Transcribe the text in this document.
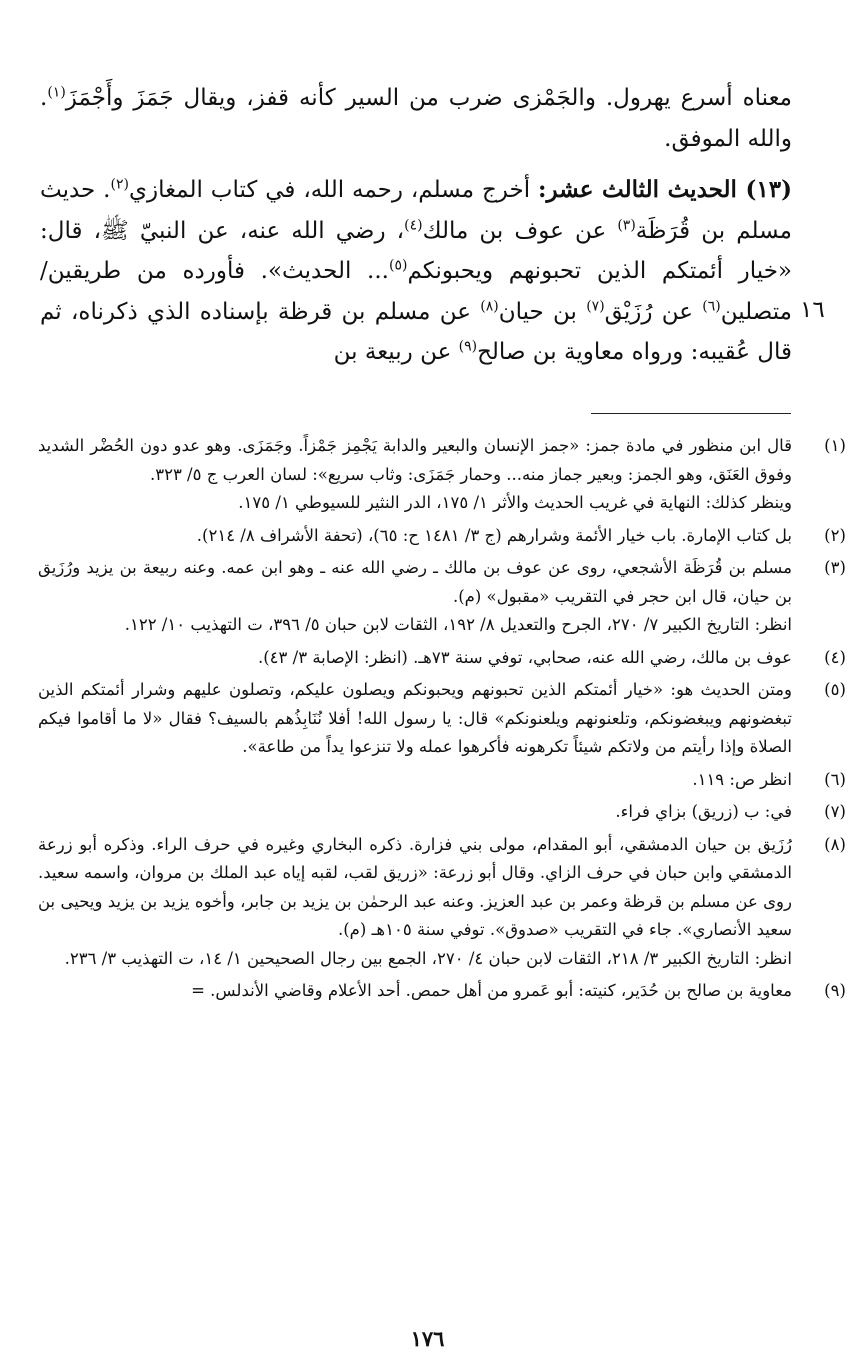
معناه أسرع يهرول. والجَمْزى ضرب من السير كأنه قفز، ويقال جَمَزَ وأَجْمَزَ$^{(١)}$. والله الموفق.

(١٣) الحديث الثالث عشر: أخرج مسلم، رحمه الله، في كتاب المغازي$^{(٢)}$. حديث مسلم بن قُرَظَة$^{(٣)}$ عن عوف بن مالك$^{(٤)}$، رضي الله عنه، عن النبيّ ﷺ، قال: «خيار أئمتكم الذين تحبونهم ويحبونكم$^{(٥)}$... الحديث». فأورده من طريقين/ متصلين$^{(٦)}$ عن رُزَيْق$^{(٧)}$ بن حيان$^{(٨)}$ عن مسلم بن قرظة بإسناده الذي ذكرناه، ثم قال عُقيبه: ورواه معاوية بن صالح$^{(٩)}$ عن ربيعة بن

١٦
(١)

قال ابن منظور في مادة جمز: «جمز الإنسان والبعير والدابة يَجْمِز جَمْزاً. وجَمَزَى. وهو عدو دون الحُضْر الشديد وفوق العَنَق، وهو الجمز: وبعير جماز منه... وحمار جَمَزَى: وثاب سريع»: لسان العرب ج ٥/ ٣٢٣.

وينظر كذلك: النهاية في غريب الحديث والأثر ١/ ١٧٥، الدر النثير للسيوطي ١/ ١٧٥.

(٢)

بل كتاب الإمارة. باب خيار الأئمة وشرارهم (ج ٣/ ١٤٨١ ح: ٦٥)، (تحفة الأشراف ٨/ ٢١٤).

(٣)

مسلم بن قُرَظَة الأشجعي، روى عن عوف بن مالك ـ رضي الله عنه ـ وهو ابن عمه. وعنه ربيعة بن يزيد ورُزَيق بن حيان، قال ابن حجر في التقريب «مقبول» (م).

انظر: التاريخ الكبير ٧/ ٢٧٠، الجرح والتعديل ٨/ ١٩٢، الثقات لابن حبان ٥/ ٣٩٦، ت التهذيب ١٠/ ١٢٢.

(٤)

عوف بن مالك، رضي الله عنه، صحابي، توفي سنة ٧٣هـ. (انظر: الإصابة ٣/ ٤٣).

(٥)

ومتن الحديث هو: «خيار أئمتكم الذين تحبونهم ويحبونكم ويصلون عليكم، وتصلون عليهم وشرار أئمتكم الذين تبغضونهم ويبغضونكم، وتلعنونهم ويلعنونكم» قال: يا رسول الله! أفلا نُنَابِذُهم بالسيف؟ فقال «لا ما أقاموا فيكم الصلاة وإذا رأيتم من ولاتكم شيئاً تكرهونه فأكرهوا عمله ولا تنزعوا يداً من طاعة».

(٦)

انظر ص: ١١٩.

(٧)

في: ب (زريق) بزاي فراء.

(٨)

رُزَيق بن حيان الدمشقي، أبو المقدام، مولى بني فزارة. ذكره البخاري وغيره في حرف الراء. وذكره أبو زرعة الدمشقي وابن حبان في حرف الزاي. وقال أبو زرعة: «زريق لقب، لقبه إياه عبد الملك بن مروان، واسمه سعيد. روى عن مسلم بن قرظة وعمر بن عبد العزيز. وعنه عبد الرحمٰن بن يزيد بن جابر، وأخوه يزيد بن يزيد ويحيى بن سعيد الأنصاري». جاء في التقريب «صدوق». توفي سنة ١٠٥هـ (م).

انظر: التاريخ الكبير ٣/ ٢١٨، الثقات لابن حبان ٤/ ٢٧٠، الجمع بين رجال الصحيحين ١/ ١٤، ت التهذيب ٣/ ٢٣٦.

(٩)

معاوية بن صالح بن حُدَير، كنيته: أبو عَمرو من أهل حمص. أحد الأعلام وقاضي الأندلس. =

١٧٦
